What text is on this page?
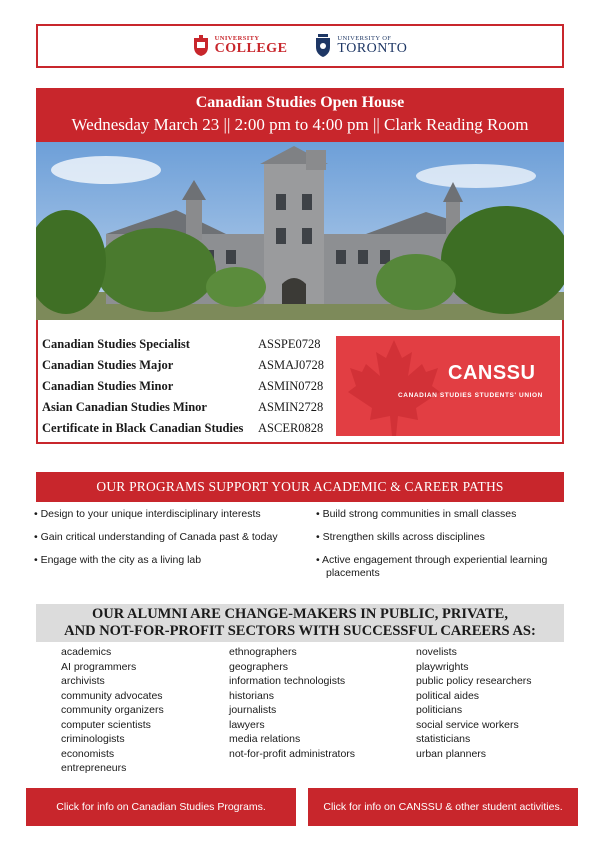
UNIVERSITY
COLLEGE
UNIVERSITY OF
TORONTO
Canadian Studies Open House
Wednesday March 23 || 2:00 pm to 4:00 pm || Clark Reading Room
Canadian Studies Specialist	ASSPE0728
Canadian Studies Major	ASMAJ0728
Canadian Studies Minor	ASMIN0728
Asian Canadian Studies Minor	ASMIN2728
Certificate in Black Canadian Studies	ASCER0828
CANSSU
CANADIAN STUDIES STUDENTS' UNION
OUR PROGRAMS SUPPORT YOUR ACADEMIC & CAREER PATHS
• Design to your unique interdisciplinary interests
• Gain critical understanding of Canada past & today
• Engage with the city as a living lab
• Build strong communities in small classes
• Strengthen skills across disciplines
• Active engagement through experiential learning placements
OUR ALUMNI ARE CHANGE-MAKERS IN PUBLIC, PRIVATE,
AND NOT-FOR-PROFIT SECTORS WITH SUCCESSFUL CAREERS AS:
academics
AI programmers
archivists
community advocates
community organizers
computer scientists
criminologists
economists
entrepreneurs
ethnographers
geographers
information technologists
historians
journalists
lawyers
media relations
not-for-profit administrators
novelists
playwrights
public policy researchers
political aides
politicians
social service workers
statisticians
urban planners
Click for info on Canadian Studies Programs.	Click for info on CANSSU & other student activities.
